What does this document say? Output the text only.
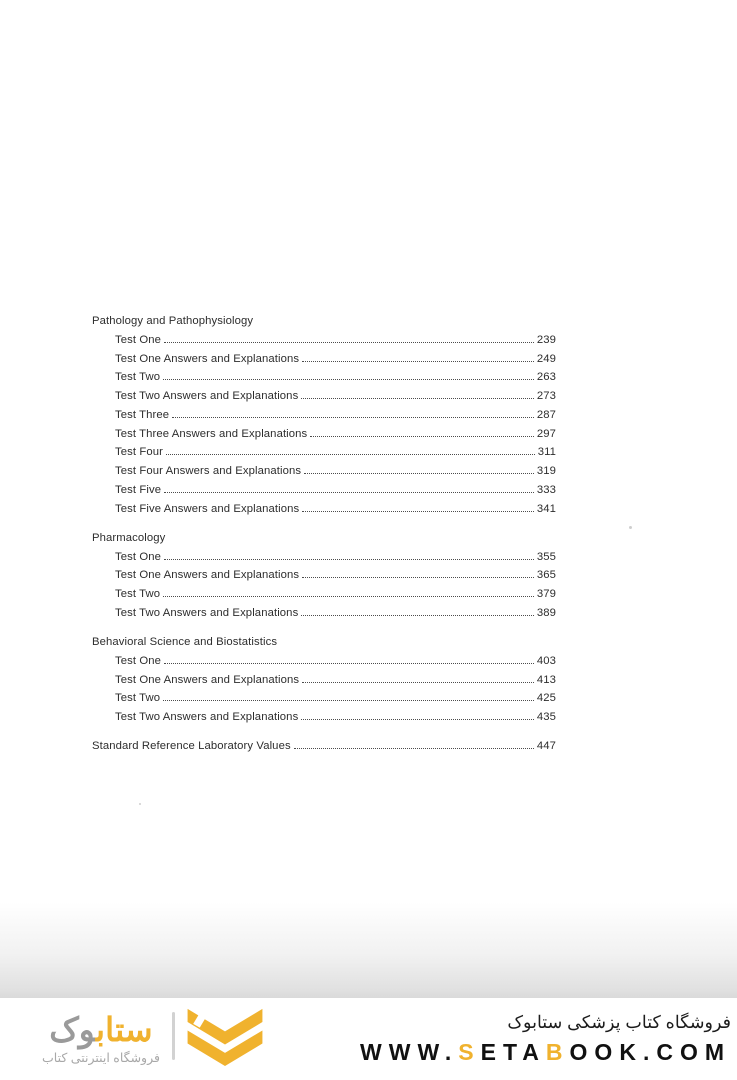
Pathology and Pathophysiology
Test One	239
Test One Answers and Explanations	249
Test Two	263
Test Two Answers and Explanations	273
Test Three	287
Test Three Answers and Explanations	297
Test Four	311
Test Four Answers and Explanations	319
Test Five	333
Test Five Answers and Explanations	341
Pharmacology
Test One	355
Test One Answers and Explanations	365
Test Two	379
Test Two Answers and Explanations	389
Behavioral Science and Biostatistics
Test One	403
Test One Answers and Explanations	413
Test Two	425
Test Two Answers and Explanations	435
Standard Reference Laboratory Values	447
ستابوک
فروشگاه اینترنتی کتاب
فروشگاه کتاب پزشکی ستابوک
WWW.SETABOOK.COM
